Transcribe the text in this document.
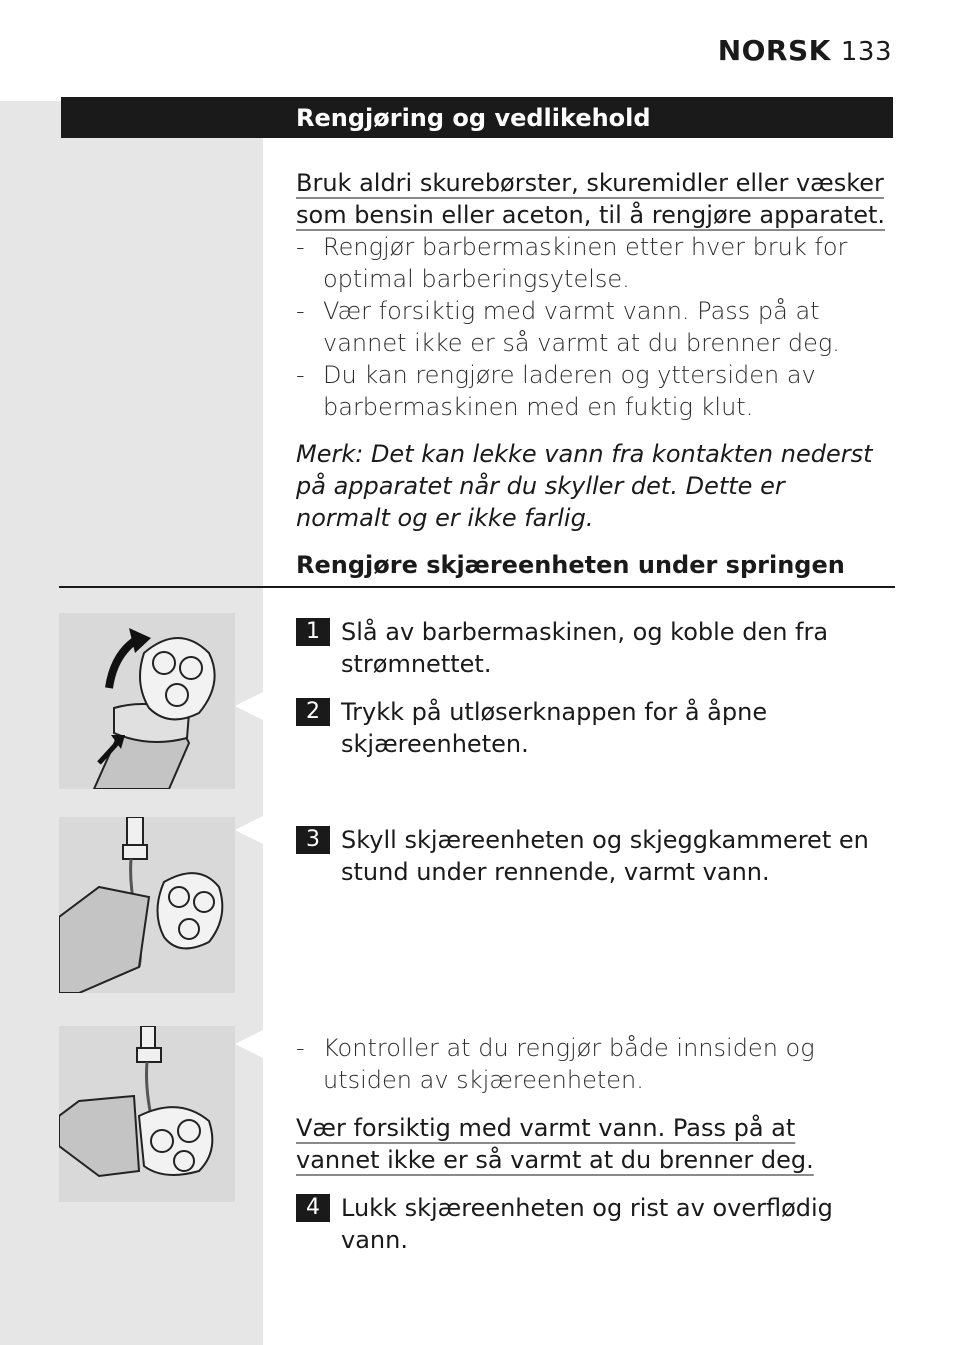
NORSK 133
Rengjøring og vedlikehold
Bruk aldri skurebørster, skuremidler eller væsker som bensin eller aceton, til å rengjøre apparatet.
- Rengjør barbermaskinen etter hver bruk for optimal barberingsytelse.
- Vær forsiktig med varmt vann. Pass på at vannet ikke er så varmt at du brenner deg.
- Du kan rengjøre laderen og yttersiden av barbermaskinen med en fuktig klut.
Merk: Det kan lekke vann fra kontakten nederst på apparatet når du skyller det. Dette er normalt og er ikke farlig.
Rengjøre skjæreenheten under springen
1 Slå av barbermaskinen, og koble den fra strømnettet.
2 Trykk på utløserknappen for å åpne skjæreenheten.
3 Skyll skjæreenheten og skjeggkammeret en stund under rennende, varmt vann.
- Kontroller at du rengjør både innsiden og utsiden av skjæreenheten.
Vær forsiktig med varmt vann. Pass på at vannet ikke er så varmt at du brenner deg.
4 Lukk skjæreenheten og rist av overflødig vann.
